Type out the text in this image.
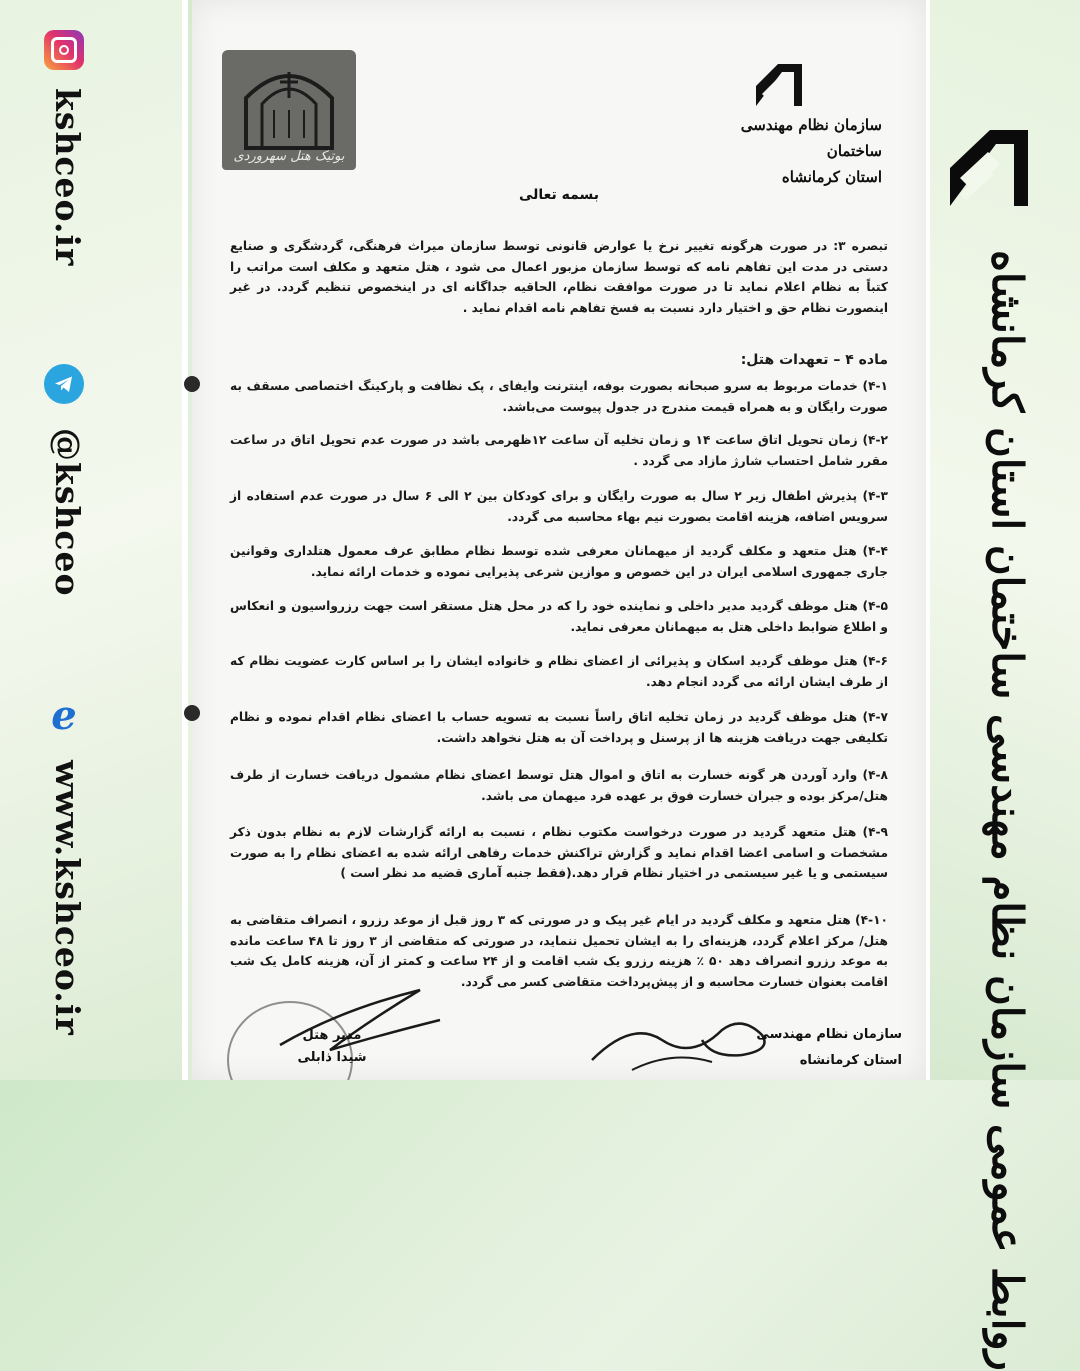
kshceo.ir
@kshceo
e
www.kshceo.ir	روابط عمومی سازمان نظام مهندسی ساختمان استان کرمانشاه
بوتیک هتل سهروردی
سازمان نظام مهندسی ساختمان
استان کرمانشاه
بسمه تعالی
تبصره ۳: در صورت هرگونه تغییر نرخ یا عوارض قانونی توسط سازمان میراث فرهنگی، گردشگری و صنایع دستی در مدت این تفاهم نامه که توسط سازمان مزبور اعمال می شود ، هتل متعهد و مکلف است مراتب را کتباً به نظام اعلام نماید تا در صورت موافقت نظام، الحاقیه جداگانه ای در اینخصوص تنظیم گردد. در غیر اینصورت نظام حق و اختیار دارد نسبت به فسخ تفاهم نامه اقدام نماید .
ماده ۴ – تعهدات هتل:
۴-۱) خدمات مربوط به سرو صبحانه بصورت بوفه، اینترنت وایفای ، پک نظافت و پارکینگ اختصاصی مسقف به صورت رایگان و به همراه قیمت مندرج در جدول پیوست می‌باشد.
۴-۲) زمان تحویل اتاق ساعت ۱۴ و زمان تخلیه آن ساعت ۱۲ظهرمی باشد در صورت عدم تحویل اتاق در ساعت مقرر شامل احتساب شارژ مازاد می گردد .
۴-۳) پذیرش اطفال زیر ۲ سال به صورت رایگان و برای کودکان بین ۲ الی ۶ سال در صورت عدم استفاده از سرویس اضافه، هزینه اقامت بصورت نیم بهاء محاسبه می گردد.
۴-۴) هتل متعهد و مکلف گردید از میهمانان معرفی شده توسط نظام مطابق عرف معمول هتلداری وقوانین جاری جمهوری اسلامی ایران در این خصوص و موازین شرعی پذیرایی نموده و خدمات ارائه نماید.
۴-۵) هتل موظف گردید مدیر داخلی و نماینده خود را که در محل هتل مستقر است جهت رزرواسیون و انعکاس و اطلاع ضوابط داخلی هتل به میهمانان معرفی نماید.
۴-۶) هتل موظف گردید اسکان و پذیرائی از اعضای نظام و خانواده ایشان را بر اساس کارت عضویت نظام که از طرف ایشان ارائه می گردد انجام دهد.
۴-۷) هتل موظف گردید در زمان تخلیه اتاق راساً نسبت به تسویه حساب با اعضای نظام اقدام نموده و نظام تکلیفی جهت دریافت هزینه ها از پرسنل و پرداخت آن به هتل نخواهد داشت.
۴-۸) وارد آوردن هر گونه خسارت به اتاق و اموال هتل توسط اعضای نظام مشمول دریافت خسارت از طرف هتل/مرکز بوده و جبران خسارت فوق بر عهده فرد میهمان می باشد.
۴-۹) هتل متعهد گردید در صورت درخواست مکتوب نظام ، نسبت به ارائه گزارشات لازم به نظام بدون ذکر مشخصات و اسامی اعضا اقدام نماید و گزارش تراکنش خدمات رفاهی ارائه شده به اعضای نظام را به صورت سیستمی و یا غیر سیستمی در اختیار نظام قرار دهد.(فقط جنبه آماری قضیه مد نظر است )
۴-۱۰) هتل متعهد و مکلف گردید در ایام غیر پیک و در صورتی که ۳ روز قبل از موعد رزرو ، انصراف متقاضی به هتل/ مرکز اعلام گردد، هزینه‌ای را به ایشان تحمیل ننماید، در صورتی که متقاضی از ۳ روز تا ۴۸ ساعت مانده به موعد رزرو انصراف دهد ۵۰ ٪ هزینه رزرو یک شب اقامت و از ۲۴ ساعت و کمتر از آن، هزینه کامل یک شب اقامت بعنوان خسارت محاسبه و از پیش‌پرداخت متقاضی کسر می گردد.
مدیر هتل
شیدا ذابلی
سازمان نظام مهندسی
استان کرمانشاه
